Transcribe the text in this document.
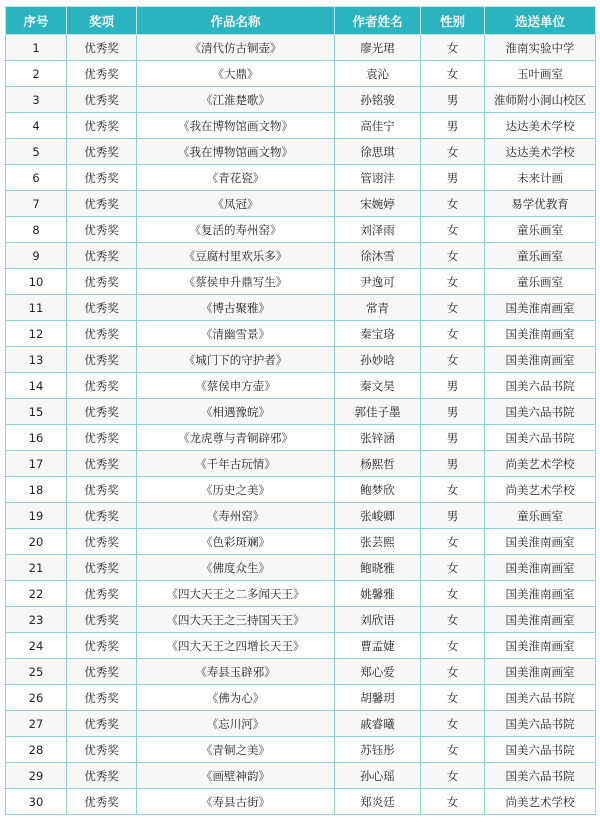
序号	奖项	作品名称	作者姓名	性别	选送单位
1	优秀奖	《清代仿古铜壶》	廖光珺	女	淮南实验中学
2	优秀奖	《大鼎》	袁沁	女	玉叶画室
3	优秀奖	《江淮楚歌》	孙铭骏	男	淮师附小洞山校区
4	优秀奖	《我在博物馆画文物》	高佳宁	男	达达美术学校
5	优秀奖	《我在博物馆画文物》	徐思琪	女	达达美术学校
6	优秀奖	《青花瓷》	管诩沣	男	未来计画
7	优秀奖	《凤冠》	宋婉婷	女	易学优教育
8	优秀奖	《复活的寿州窑》	刘泽雨	女	童乐画室
9	优秀奖	《豆腐村里欢乐多》	徐沐雪	女	童乐画室
10	优秀奖	《蔡侯申升鼎写生》	尹逸可	女	童乐画室
11	优秀奖	《博古聚雅》	常青	女	国美淮南画室
12	优秀奖	《清幽雪景》	秦宝珞	女	国美淮南画室
13	优秀奖	《城门下的守护者》	孙妙晗	女	国美淮南画室
14	优秀奖	《蔡侯申方壶》	秦文昊	男	国美六品书院
15	优秀奖	《相遇豫皖》	郭佳子墨	男	国美六品书院
16	优秀奖	《龙虎尊与青铜辟邪》	张锌涵	男	国美六品书院
17	优秀奖	《千年古玩情》	杨熙哲	男	尚美艺术学校
18	优秀奖	《历史之美》	鲍梦欣	女	尚美艺术学校
19	优秀奖	《寿州窑》	张峻卿	男	童乐画室
20	优秀奖	《色彩斑斓》	张芸熙	女	国美淮南画室
21	优秀奖	《佛度众生》	鲍晓雅	女	国美淮南画室
22	优秀奖	《四大天王之二多闻天王》	姚馨雅	女	国美淮南画室
23	优秀奖	《四大天王之三持国天王》	刘欣语	女	国美淮南画室
24	优秀奖	《四大天王之四增长天王》	曹孟婕	女	国美淮南画室
25	优秀奖	《寿县玉辟邪》	郑心爱	女	国美淮南画室
26	优秀奖	《佛为心》	胡馨玥	女	国美六品书院
27	优秀奖	《忘川河》	戚睿曦	女	国美六品书院
28	优秀奖	《青铜之美》	苏钰彤	女	国美六品书院
29	优秀奖	《画壁神韵》	孙心瑶	女	国美六品书院
30	优秀奖	《寿县古街》	郑炎廷	女	尚美艺术学校
